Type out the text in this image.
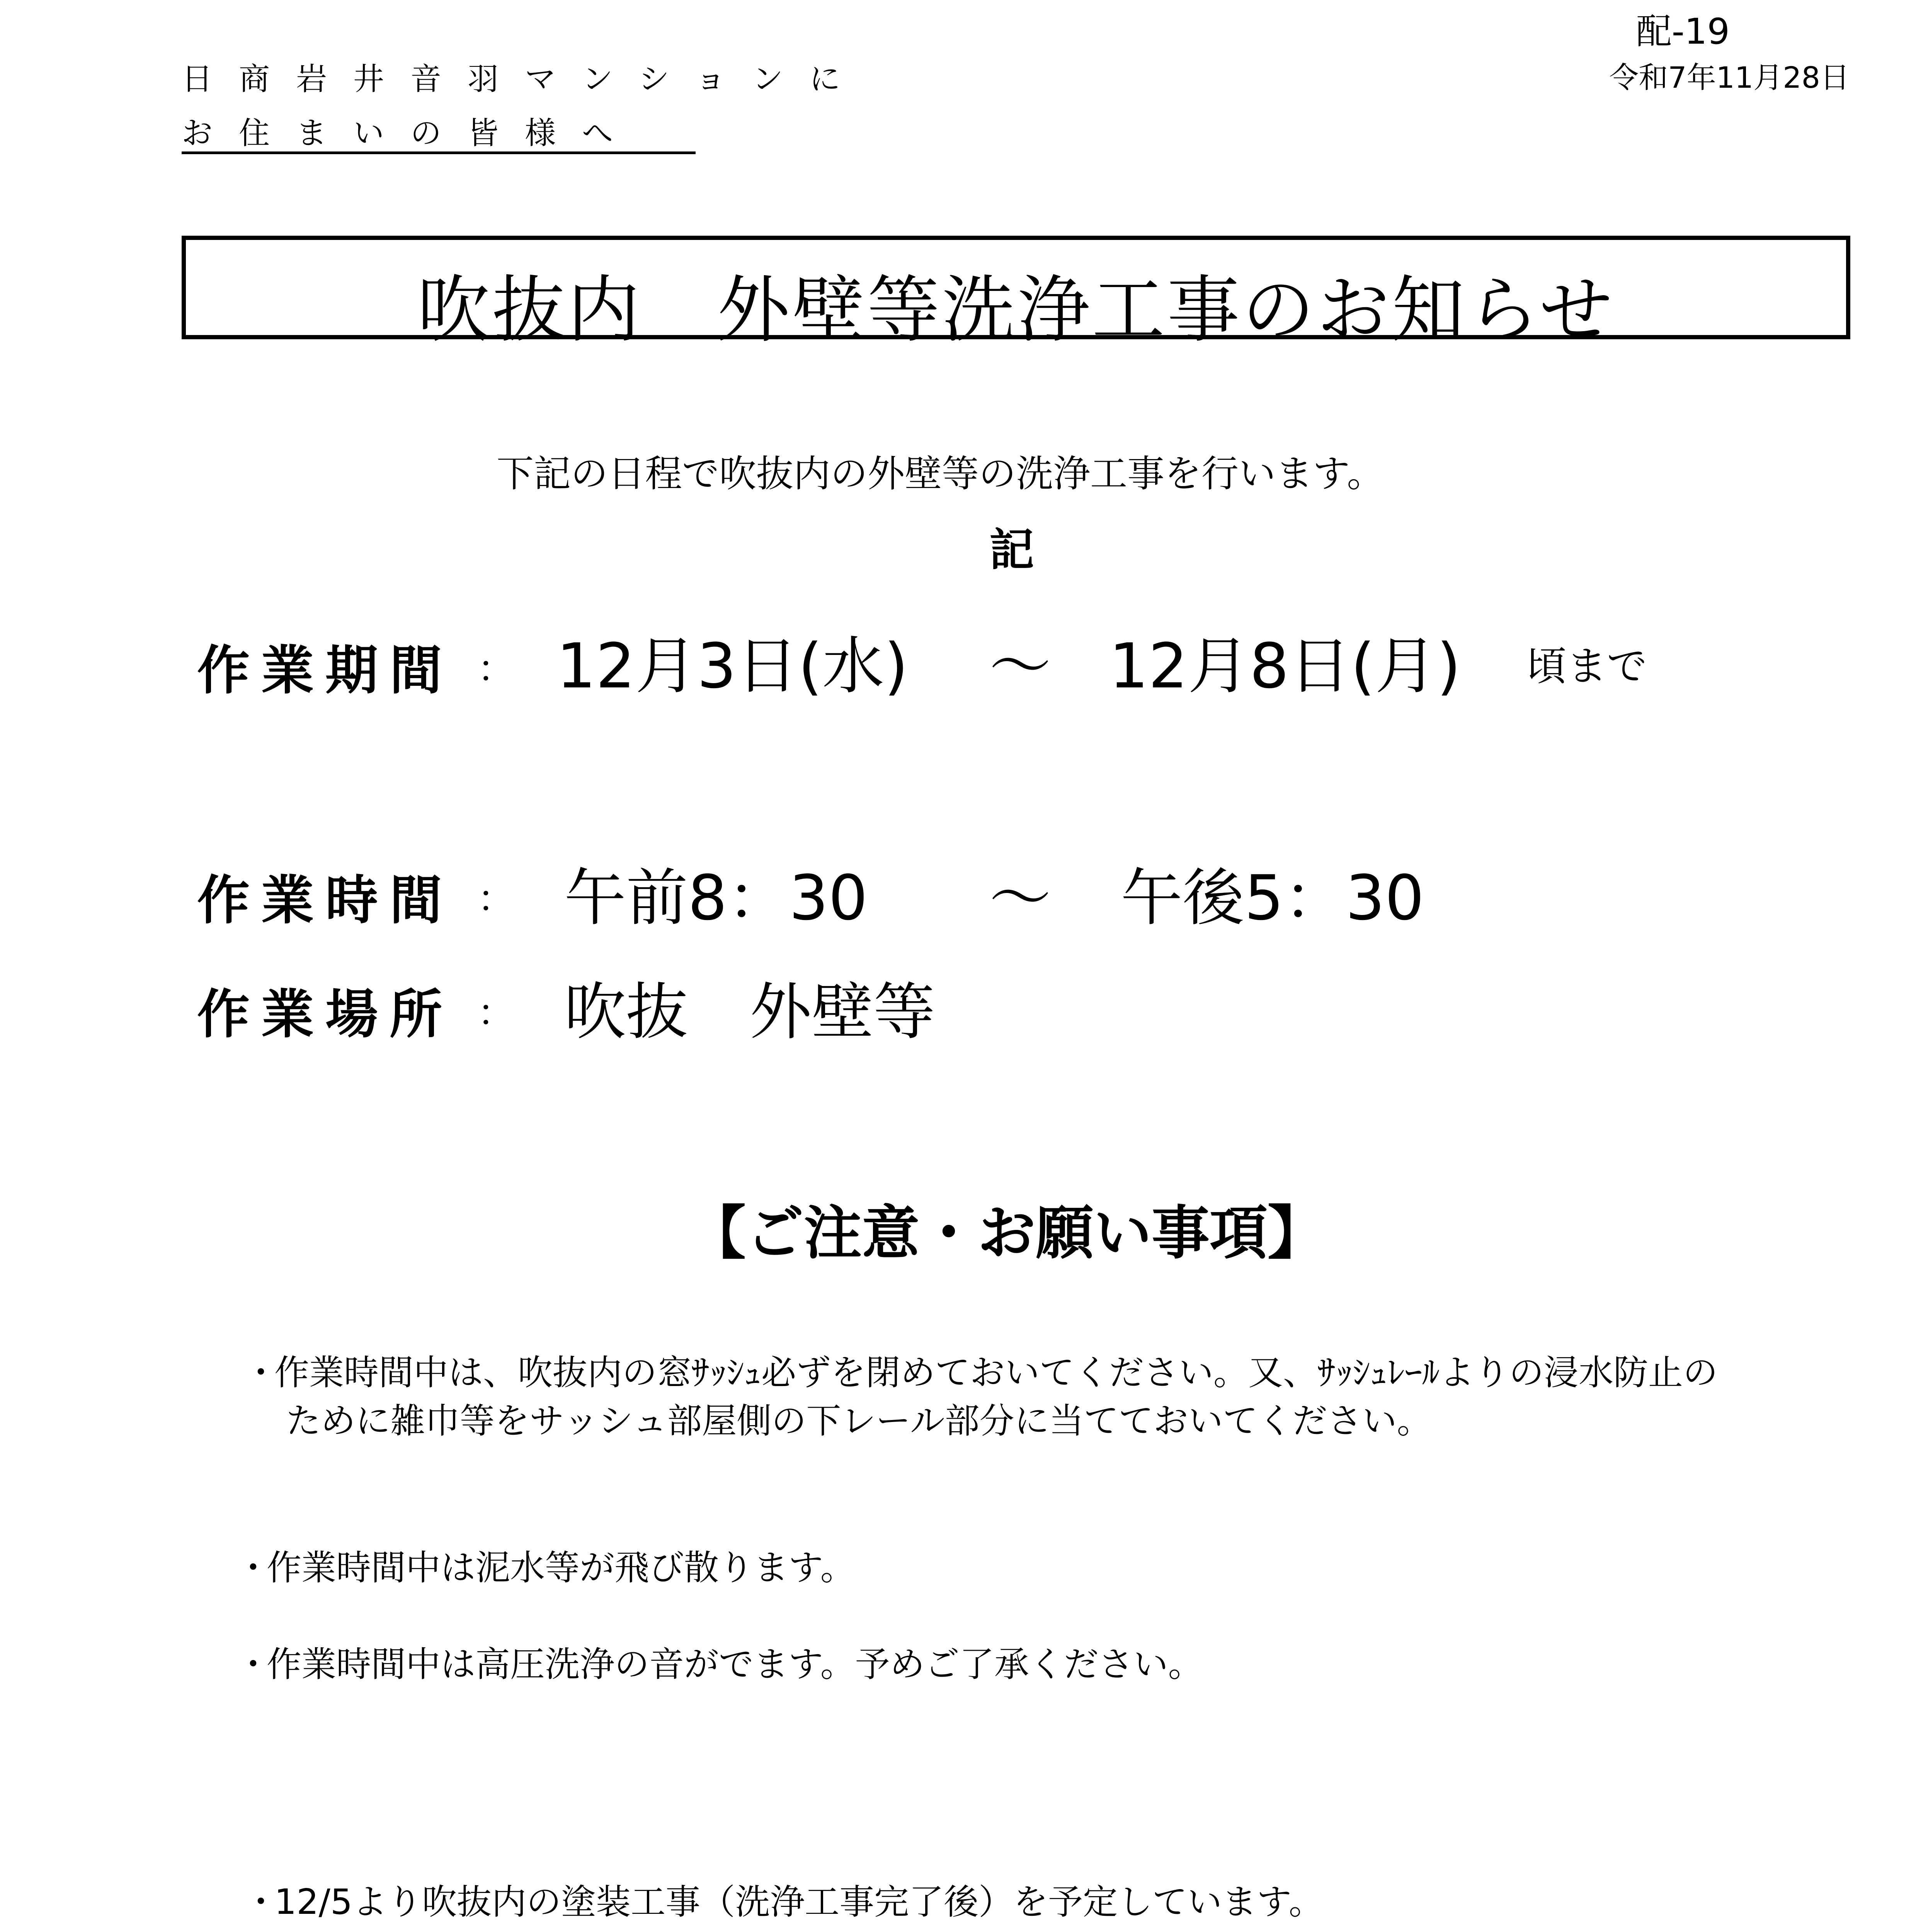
配-19
令和7年11月28日
日商岩井音羽マンションに
お住まいの皆様へ
吹抜内　外壁等洗浄工事のお知らせ
下記の日程で吹抜内の外壁等の洗浄工事を行います。
記
作業期間 ： 12月3日(水) ～ 12月8日(月) 頃まで
作業時間 ： 午前8：30 ～ 午後5：30
作業場所 ： 吹抜　外壁等
【ご注意・お願い事項】
・作業時間中は、吹抜内の窓ｻｯｼｭ必ずを閉めておいてください。又、ｻｯｼｭﾚｰﾙよりの浸水防止の
ために雑巾等をサッシュ部屋側の下レール部分に当てておいてください。
・作業時間中は泥水等が飛び散ります。
・作業時間中は高圧洗浄の音がでます。予めご了承ください。
・12/5より吹抜内の塗装工事（洗浄工事完了後）を予定しています。
